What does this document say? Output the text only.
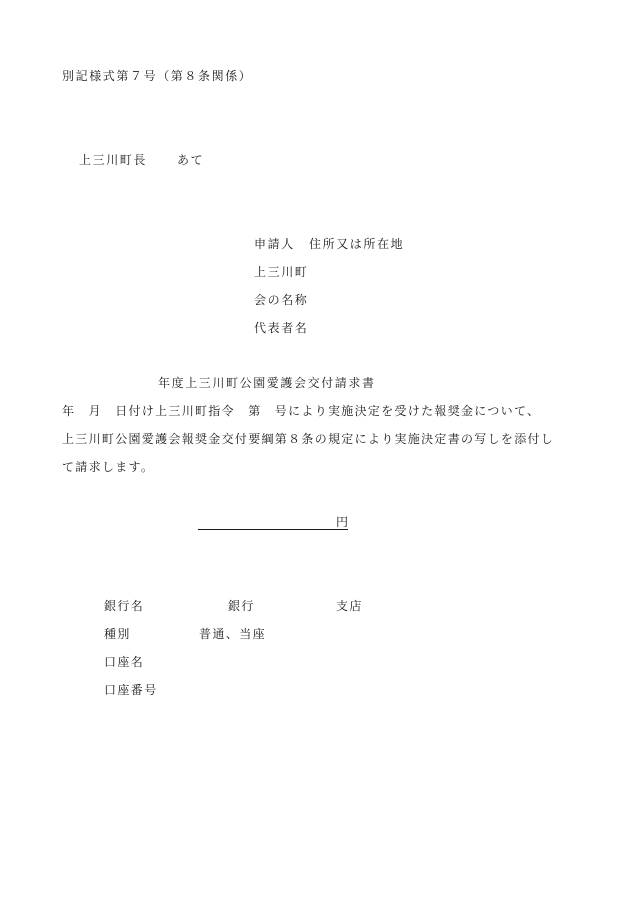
別記様式第７号（第８条関係）
上三川町長	あて
申請人 住所又は所在地
上三川町
会の名称
代表者名
年度上三川町公園愛護会交付請求書
年　月　日付け上三川町指令　第　号により実施決定を受けた報奨金について、
上三川町公園愛護会報奨金交付要綱第８条の規定により実施決定書の写しを添付し
て請求します。
円
銀行名	銀行	支店
種別	普通、当座
口座名
口座番号
